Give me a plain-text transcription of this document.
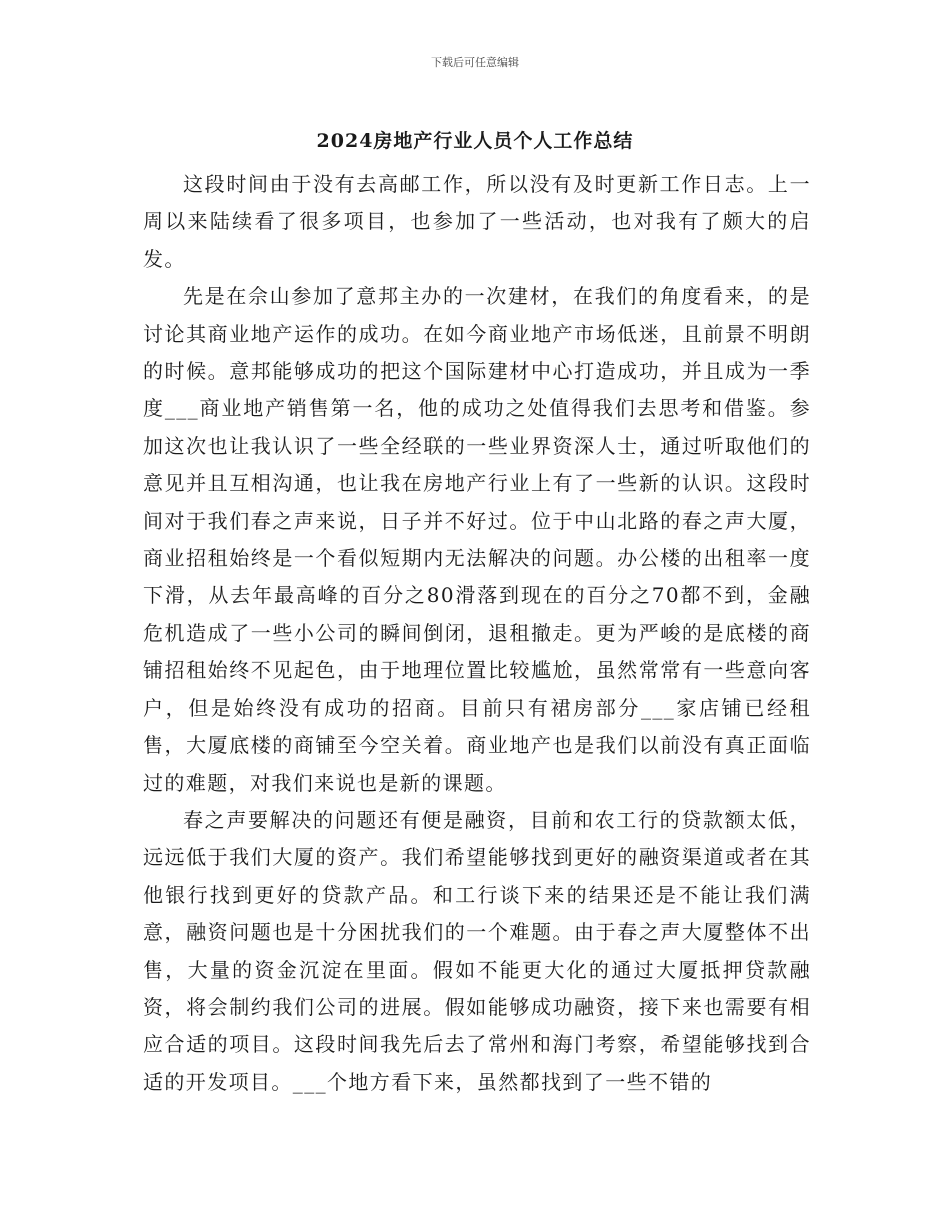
下载后可任意编辑
2024房地产行业人员个人工作总结

这段时间由于没有去高邮工作，所以没有及时更新工作日志。上一周以来陆续看了很多项目，也参加了一些活动，也对我有了颇大的启发。

先是在佘山参加了意邦主办的一次建材，在我们的角度看来，的是讨论其商业地产运作的成功。在如今商业地产市场低迷，且前景不明朗的时候。意邦能够成功的把这个国际建材中心打造成功，并且成为一季度___商业地产销售第一名，他的成功之处值得我们去思考和借鉴。参加这次也让我认识了一些全经联的一些业界资深人士，通过听取他们的意见并且互相沟通，也让我在房地产行业上有了一些新的认识。这段时间对于我们春之声来说，日子并不好过。位于中山北路的春之声大厦，商业招租始终是一个看似短期内无法解决的问题。办公楼的出租率一度下滑，从去年最高峰的百分之80滑落到现在的百分之70都不到，金融危机造成了一些小公司的瞬间倒闭，退租撤走。更为严峻的是底楼的商铺招租始终不见起色，由于地理位置比较尴尬，虽然常常有一些意向客户，但是始终没有成功的招商。目前只有裙房部分___家店铺已经租售，大厦底楼的商铺至今空关着。商业地产也是我们以前没有真正面临过的难题，对我们来说也是新的课题。

春之声要解决的问题还有便是融资，目前和农工行的贷款额太低，远远低于我们大厦的资产。我们希望能够找到更好的融资渠道或者在其他银行找到更好的贷款产品。和工行谈下来的结果还是不能让我们满意，融资问题也是十分困扰我们的一个难题。由于春之声大厦整体不出售，大量的资金沉淀在里面。假如不能更大化的通过大厦抵押贷款融资，将会制约我们公司的进展。假如能够成功融资，接下来也需要有相应合适的项目。这段时间我先后去了常州和海门考察，希望能够找到合适的开发项目。___个地方看下来，虽然都找到了一些不错的
